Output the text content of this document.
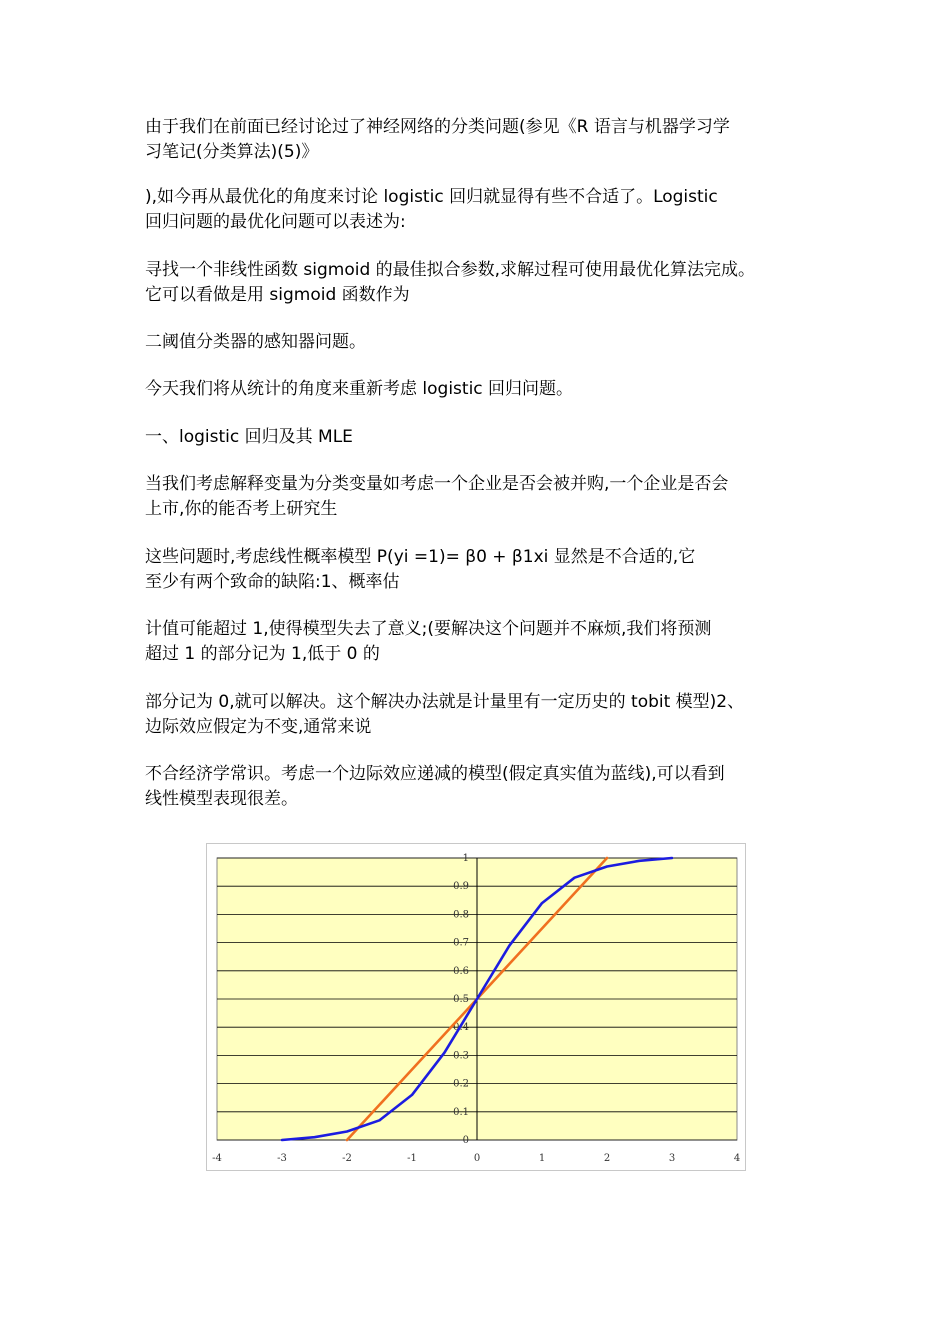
由于我们在前面已经讨论过了神经网络的分类问题(参见《R 语言与机器学习学
习笔记(分类算法)(5)》

),如今再从最优化的角度来讨论 logistic 回归就显得有些不合适了。Logistic
回归问题的最优化问题可以表述为:

寻找一个非线性函数 sigmoid 的最佳拟合参数,求解过程可使用最优化算法完成。
它可以看做是用 sigmoid 函数作为

二阈值分类器的感知器问题。

今天我们将从统计的角度来重新考虑 logistic 回归问题。

一、logistic 回归及其 MLE

当我们考虑解释变量为分类变量如考虑一个企业是否会被并购,一个企业是否会
上市,你的能否考上研究生

这些问题时,考虑线性概率模型 P(yi =1)= β0 + β1xi 显然是不合适的,它
至少有两个致命的缺陷:1、概率估

计值可能超过 1,使得模型失去了意义;(要解决这个问题并不麻烦,我们将预测
超过 1 的部分记为 1,低于 0 的

部分记为 0,就可以解决。这个解决办法就是计量里有一定历史的 tobit 模型)2、
边际效应假定为不变,通常来说

不合经济学常识。考虑一个边际效应递减的模型(假定真实值为蓝线),可以看到
线性模型表现很差。

0
0.1
0.2
0.3
0.4
0.5
0.6
0.7
0.8
0.9
1
-4	-3	-2	-1	0	1	2	3	4
